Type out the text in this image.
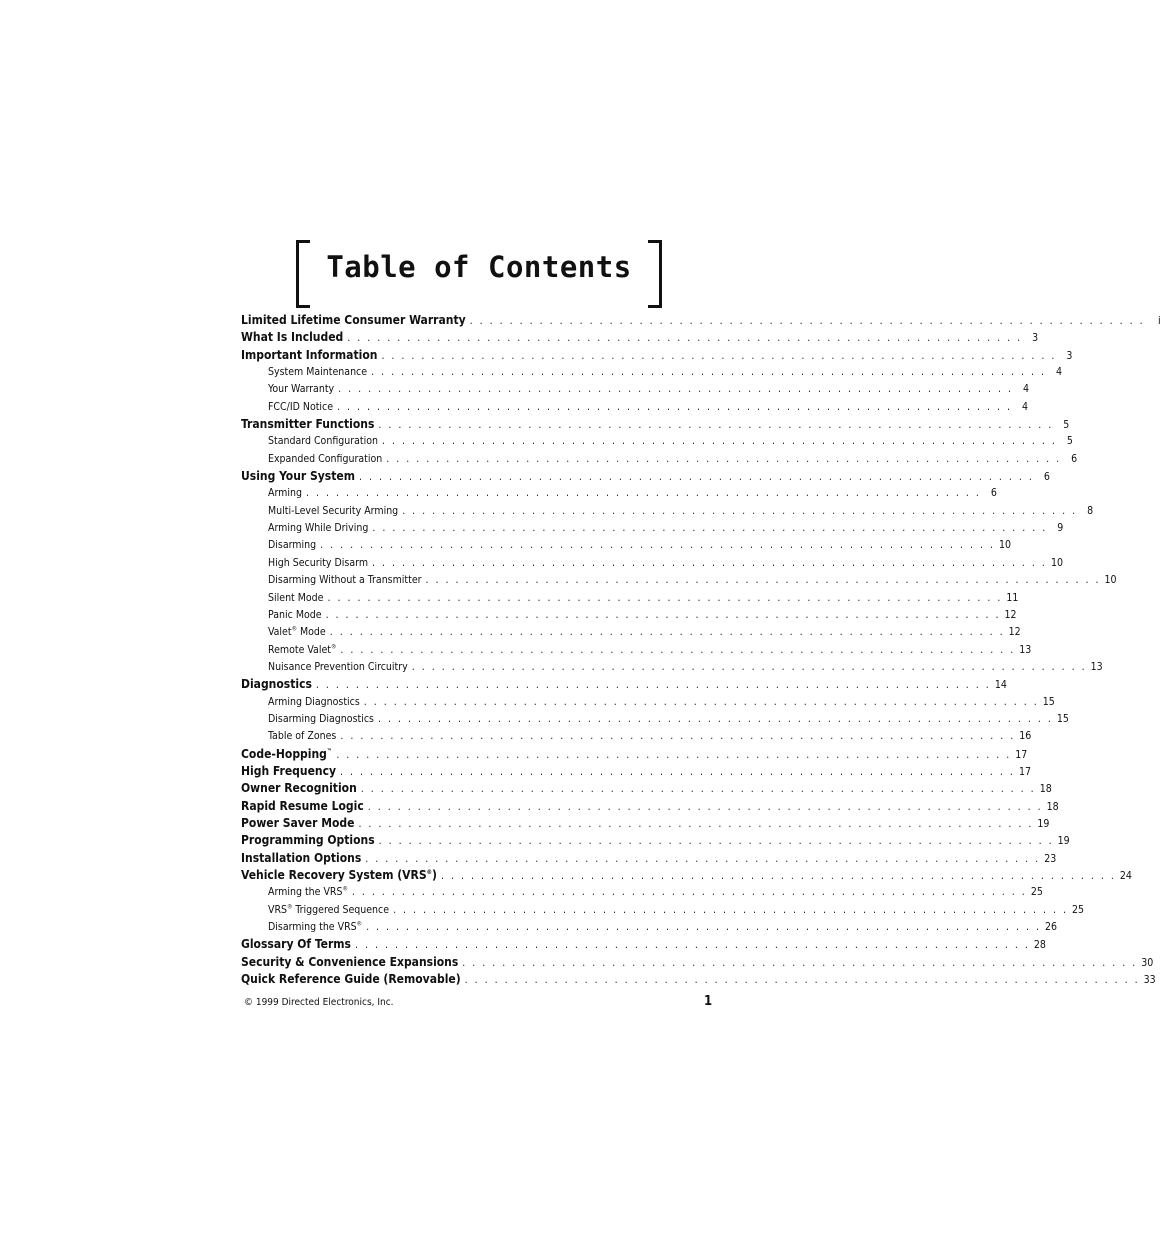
Table of Contents
Limited Lifetime Consumer Warranty . . . . . . . . . . . . . . . . . . . . . . . . . . . . . . . . . . . . . . . . . . . . . . . . . . . . . . . . . . . . . . . . . . . .	i
What Is Included . . . . . . . . . . . . . . . . . . . . . . . . . . . . . . . . . . . . . . . . . . . . . . . . . . . . . . . . . . . . . . . . . . . . 3
Important Information . . . . . . . . . . . . . . . . . . . . . . . . . . . . . . . . . . . . . . . . . . . . . . . . . . . . . . . . . . . . . . . . . . . . 3
System Maintenance . . . . . . . . . . . . . . . . . . . . . . . . . . . . . . . . . . . . . . . . . . . . . . . . . . . . . . . . . . . . . . . . . . . . 4
Your Warranty . . . . . . . . . . . . . . . . . . . . . . . . . . . . . . . . . . . . . . . . . . . . . . . . . . . . . . . . . . . . . . . . . . . . 4
FCC/ID Notice . . . . . . . . . . . . . . . . . . . . . . . . . . . . . . . . . . . . . . . . . . . . . . . . . . . . . . . . . . . . . . . . . . . . 4
Transmitter Functions . . . . . . . . . . . . . . . . . . . . . . . . . . . . . . . . . . . . . . . . . . . . . . . . . . . . . . . . . . . . . . . . . . . . 5
Standard Configuration . . . . . . . . . . . . . . . . . . . . . . . . . . . . . . . . . . . . . . . . . . . . . . . . . . . . . . . . . . . . . . . . . . . . 5
Expanded Configuration . . . . . . . . . . . . . . . . . . . . . . . . . . . . . . . . . . . . . . . . . . . . . . . . . . . . . . . . . . . . . . . . . . . . 6
Using Your System . . . . . . . . . . . . . . . . . . . . . . . . . . . . . . . . . . . . . . . . . . . . . . . . . . . . . . . . . . . . . . . . . . . . 6
Arming . . . . . . . . . . . . . . . . . . . . . . . . . . . . . . . . . . . . . . . . . . . . . . . . . . . . . . . . . . . . . . . . . . . . 6
Multi-Level Security Arming . . . . . . . . . . . . . . . . . . . . . . . . . . . . . . . . . . . . . . . . . . . . . . . . . . . . . . . . . . . . . . . . . . . . 8
Arming While Driving . . . . . . . . . . . . . . . . . . . . . . . . . . . . . . . . . . . . . . . . . . . . . . . . . . . . . . . . . . . . . . . . . . . . 9
Disarming . . . . . . . . . . . . . . . . . . . . . . . . . . . . . . . . . . . . . . . . . . . . . . . . . . . . . . . . . . . . . . . . . . . . 10
High Security Disarm . . . . . . . . . . . . . . . . . . . . . . . . . . . . . . . . . . . . . . . . . . . . . . . . . . . . . . . . . . . . . . . . . . . . 10
Disarming Without a Transmitter . . . . . . . . . . . . . . . . . . . . . . . . . . . . . . . . . . . . . . . . . . . . . . . . . . . . . . . . . . . . . . . . . . . . 10
Silent Mode . . . . . . . . . . . . . . . . . . . . . . . . . . . . . . . . . . . . . . . . . . . . . . . . . . . . . . . . . . . . . . . . . . . . 11
Panic Mode . . . . . . . . . . . . . . . . . . . . . . . . . . . . . . . . . . . . . . . . . . . . . . . . . . . . . . . . . . . . . . . . . . . . 12
Valet® Mode . . . . . . . . . . . . . . . . . . . . . . . . . . . . . . . . . . . . . . . . . . . . . . . . . . . . . . . . . . . . . . . . . . . . 12
Remote Valet® . . . . . . . . . . . . . . . . . . . . . . . . . . . . . . . . . . . . . . . . . . . . . . . . . . . . . . . . . . . . . . . . . . . . 13
Nuisance Prevention Circuitry . . . . . . . . . . . . . . . . . . . . . . . . . . . . . . . . . . . . . . . . . . . . . . . . . . . . . . . . . . . . . . . . . . . . 13
Diagnostics . . . . . . . . . . . . . . . . . . . . . . . . . . . . . . . . . . . . . . . . . . . . . . . . . . . . . . . . . . . . . . . . . . . . 14
Arming Diagnostics . . . . . . . . . . . . . . . . . . . . . . . . . . . . . . . . . . . . . . . . . . . . . . . . . . . . . . . . . . . . . . . . . . . . 15
Disarming Diagnostics . . . . . . . . . . . . . . . . . . . . . . . . . . . . . . . . . . . . . . . . . . . . . . . . . . . . . . . . . . . . . . . . . . . . 15
Table of Zones . . . . . . . . . . . . . . . . . . . . . . . . . . . . . . . . . . . . . . . . . . . . . . . . . . . . . . . . . . . . . . . . . . . . 16
Code-Hopping™ . . . . . . . . . . . . . . . . . . . . . . . . . . . . . . . . . . . . . . . . . . . . . . . . . . . . . . . . . . . . . . . . . . . . 17
High Frequency . . . . . . . . . . . . . . . . . . . . . . . . . . . . . . . . . . . . . . . . . . . . . . . . . . . . . . . . . . . . . . . . . . . . 17
Owner Recognition . . . . . . . . . . . . . . . . . . . . . . . . . . . . . . . . . . . . . . . . . . . . . . . . . . . . . . . . . . . . . . . . . . . . 18
Rapid Resume Logic . . . . . . . . . . . . . . . . . . . . . . . . . . . . . . . . . . . . . . . . . . . . . . . . . . . . . . . . . . . . . . . . . . . . 18
Power Saver Mode . . . . . . . . . . . . . . . . . . . . . . . . . . . . . . . . . . . . . . . . . . . . . . . . . . . . . . . . . . . . . . . . . . . . 19
Programming Options . . . . . . . . . . . . . . . . . . . . . . . . . . . . . . . . . . . . . . . . . . . . . . . . . . . . . . . . . . . . . . . . . . . . 19
Installation Options . . . . . . . . . . . . . . . . . . . . . . . . . . . . . . . . . . . . . . . . . . . . . . . . . . . . . . . . . . . . . . . . . . . . 23
Vehicle Recovery System (VRS®) . . . . . . . . . . . . . . . . . . . . . . . . . . . . . . . . . . . . . . . . . . . . . . . . . . . . . . . . . . . . . . . . . . . . 24
Arming the VRS® . . . . . . . . . . . . . . . . . . . . . . . . . . . . . . . . . . . . . . . . . . . . . . . . . . . . . . . . . . . . . . . . . . . . 25
VRS® Triggered Sequence . . . . . . . . . . . . . . . . . . . . . . . . . . . . . . . . . . . . . . . . . . . . . . . . . . . . . . . . . . . . . . . . . . . . 25
Disarming the VRS® . . . . . . . . . . . . . . . . . . . . . . . . . . . . . . . . . . . . . . . . . . . . . . . . . . . . . . . . . . . . . . . . . . . . 26
Glossary Of Terms . . . . . . . . . . . . . . . . . . . . . . . . . . . . . . . . . . . . . . . . . . . . . . . . . . . . . . . . . . . . . . . . . . . . 28
Security & Convenience Expansions . . . . . . . . . . . . . . . . . . . . . . . . . . . . . . . . . . . . . . . . . . . . . . . . . . . . . . . . . . . . . . . . . . . . 30
Quick Reference Guide (Removable) . . . . . . . . . . . . . . . . . . . . . . . . . . . . . . . . . . . . . . . . . . . . . . . . . . . . . . . . . . . . . . . . . . . . 33
© 1999 Directed Electronics, Inc.	1
